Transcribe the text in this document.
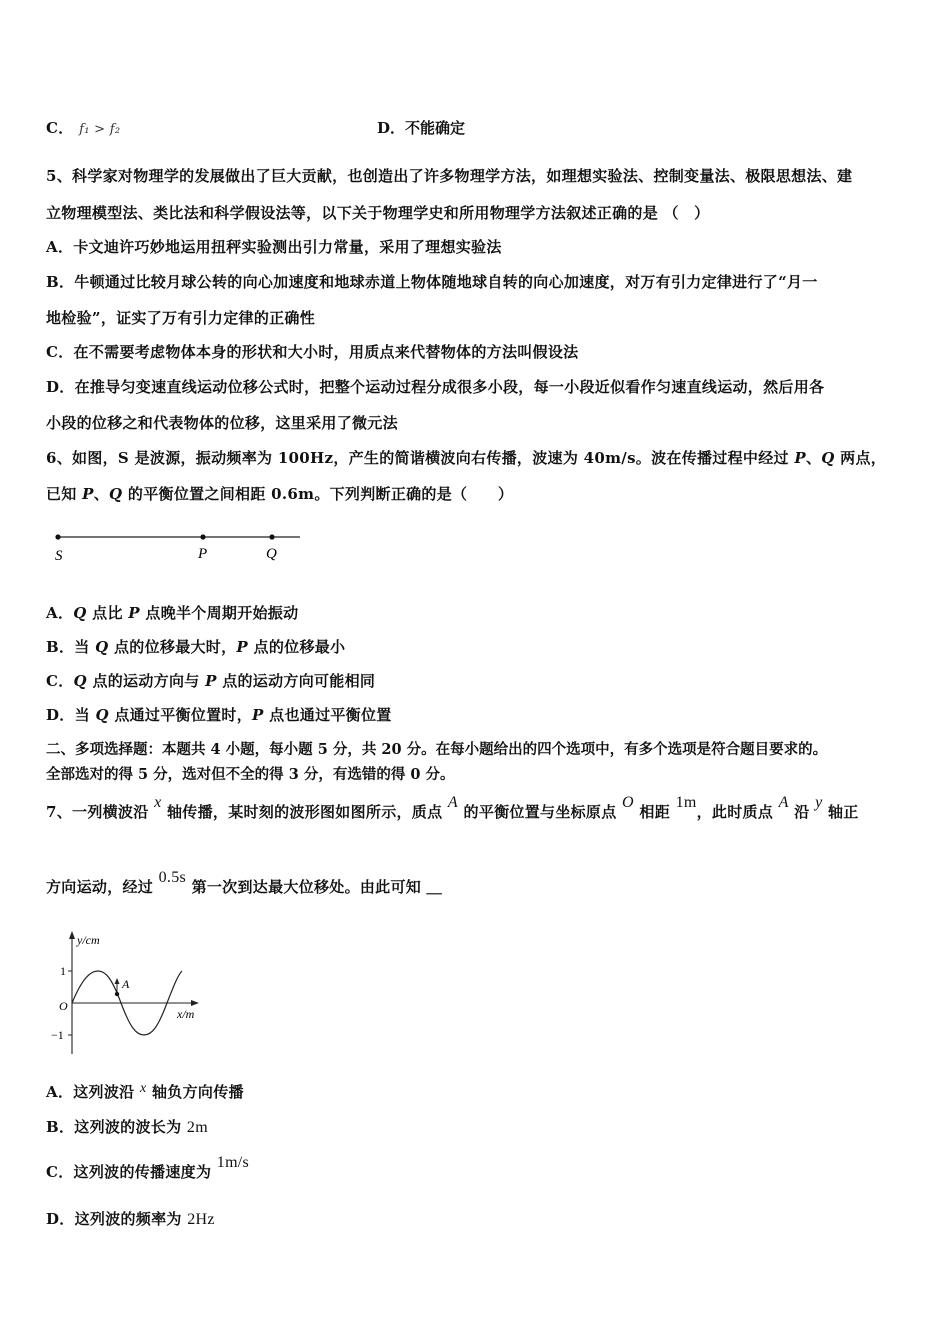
C． 𝑓₁ > 𝑓₂	D．不能确定
5、科学家对物理学的发展做出了巨大贡献，也创造出了许多物理学方法，如理想实验法、控制变量法、极限思想法、建
立物理模型法、类比法和科学假设法等，以下关于物理学史和所用物理学方法叙述正确的是 （　）
A．卡文迪许巧妙地运用扭秤实验测出引力常量，采用了理想实验法
B．牛顿通过比较月球公转的向心加速度和地球赤道上物体随地球自转的向心加速度，对万有引力定律进行了“月一
地检验”，证实了万有引力定律的正确性
C．在不需要考虑物体本身的形状和大小时，用质点来代替物体的方法叫假设法
D．在推导匀变速直线运动位移公式时，把整个运动过程分成很多小段，每一小段近似看作匀速直线运动，然后用各
小段的位移之和代表物体的位移，这里采用了微元法
6、如图，S 是波源，振动频率为 100Hz，产生的简谐横波向右传播，波速为 40m/s。波在传播过程中经过 P、Q 两点，
已知 P、Q 的平衡位置之间相距 0.6m。下列判断正确的是（　　）
S	P	Q
A．Q 点比 P 点晚半个周期开始振动
B．当 Q 点的位移最大时，P 点的位移最小
C．Q 点的运动方向与 P 点的运动方向可能相同
D．当 Q 点通过平衡位置时，P 点也通过平衡位置
二、多项选择题：本题共 4 小题，每小题 5 分，共 20 分。在每小题给出的四个选项中，有多个选项是符合题目要求的。
全部选对的得 5 分，选对但不全的得 3 分，有选错的得 0 分。
7、一列横波沿 x 轴传播，某时刻的波形图如图所示，质点 A 的平衡位置与坐标原点 O 相距 1m，此时质点 A 沿 y 轴正
方向运动，经过 0.5s 第一次到达最大位移处。由此可知 ＿
y/cm
x/m
1
−1
O
A
A．这列波沿 x 轴负方向传播
B．这列波的波长为 2m
C．这列波的传播速度为 1m/s
D．这列波的频率为 2Hz
